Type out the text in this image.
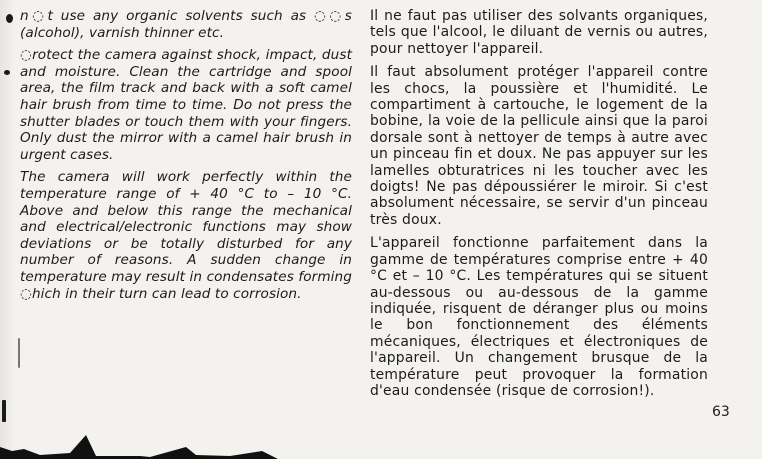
n◌t use any organic solvents such as ◌◌s (alcohol), varnish thinner etc.

◌rotect the camera against shock, impact, dust and moisture. Clean the cartridge and spool area, the film track and back with a soft camel hair brush from time to time. Do not press the shutter blades or touch them with your fingers. Only dust the mirror with a camel hair brush in urgent cases.

The camera will work perfectly within the temperature range of + 40 °C to – 10 °C. Above and below this range the mechanical and electrical/electronic functions may show deviations or be totally disturbed for any number of reasons. A sudden change in temperature may result in condensates forming ◌hich in their turn can lead to corrosion.

Il ne faut pas utiliser des solvants organiques, tels que l'alcool, le diluant de vernis ou autres, pour nettoyer l'appareil.

Il faut absolument protéger l'appareil contre les chocs, la poussière et l'humidité. Le compartiment à cartouche, le logement de la bobine, la voie de la pellicule ainsi que la paroi dorsale sont à nettoyer de temps à autre avec un pinceau fin et doux. Ne pas appuyer sur les lamelles obturatrices ni les toucher avec les doigts! Ne pas dépoussiérer le miroir. Si c'est absolument nécessaire, se servir d'un pinceau très doux.

L'appareil fonctionne parfaitement dans la gamme de températures comprise entre + 40 °C et – 10 °C. Les températures qui se situent au-dessous ou au-dessous de la gamme indiquée, risquent de déranger plus ou moins le bon fonctionnement des éléments mécaniques, électriques et électroniques de l'appareil. Un changement brusque de la température peut provoquer la formation d'eau condensée (risque de corrosion!).

63
